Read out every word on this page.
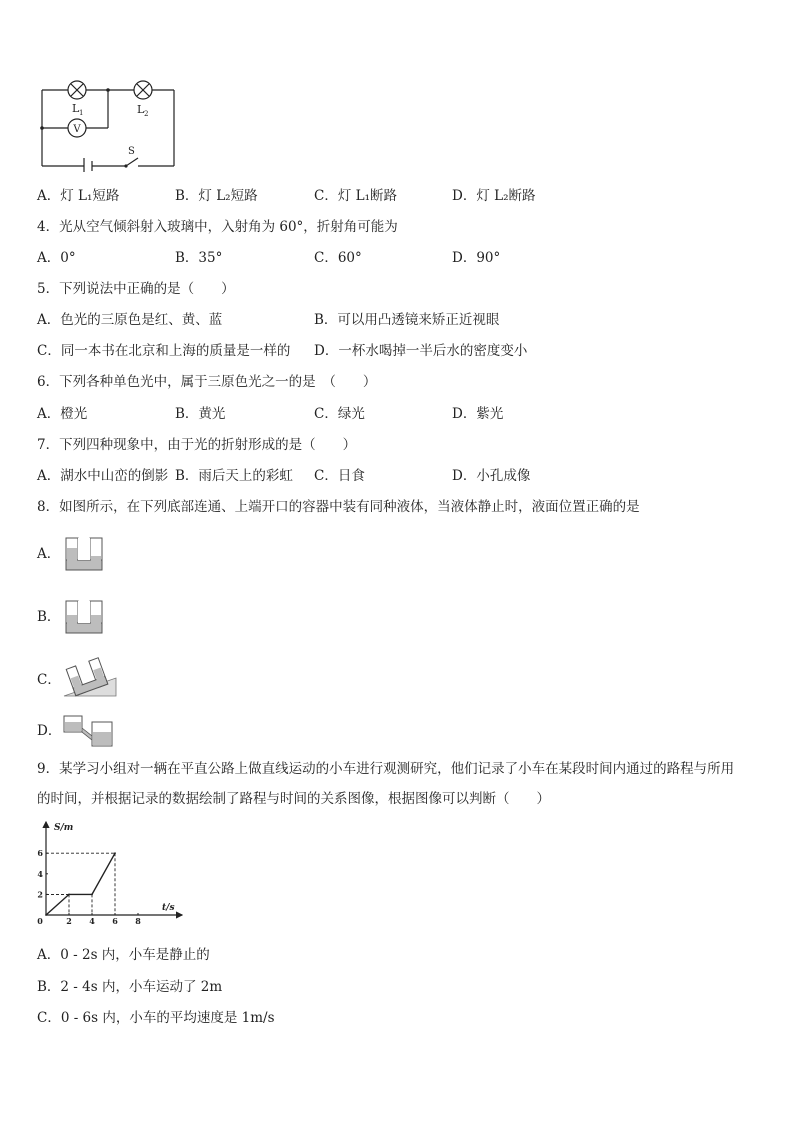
V
L 1	L 2
S
A．灯 L₁短路	B．灯 L₂短路	C．灯 L₁断路	D．灯 L₂断路
4．光从空气倾斜射入玻璃中，入射角为 60°，折射角可能为
A．0°	B．35°	C．60°	D．90°
5．下列说法中正确的是（　　）
A．色光的三原色是红、黄、蓝	B．可以用凸透镜来矫正近视眼
C．同一本书在北京和上海的质量是一样的 D．一杯水喝掉一半后水的密度变小
6．下列各种单色光中，属于三原色光之一的是　（　　）
A．橙光	B．黄光	C．绿光	D．紫光
7．下列四种现象中，由于光的折射形成的是（　　）
A．湖水中山峦的倒影 B．雨后天上的彩虹 C．日食	D．小孔成像
8．如图所示，在下列底部连通、上端开口的容器中装有同种液体，当液体静止时，液面位置正确的是
A．
B．
C．
D．
9．某学习小组对一辆在平直公路上做直线运动的小车进行观测研究，他们记录了小车在某段时间内通过的路程与所用
的时间，并根据记录的数据绘制了路程与时间的关系图像，根据图像可以判断（　　）
S/m
t/s
0	2 4 6 8
2
4
6
A．0 - 2s 内，小车是静止的
B．2 - 4s 内，小车运动了 2m
C．0 - 6s 内，小车的平均速度是 1m/s
